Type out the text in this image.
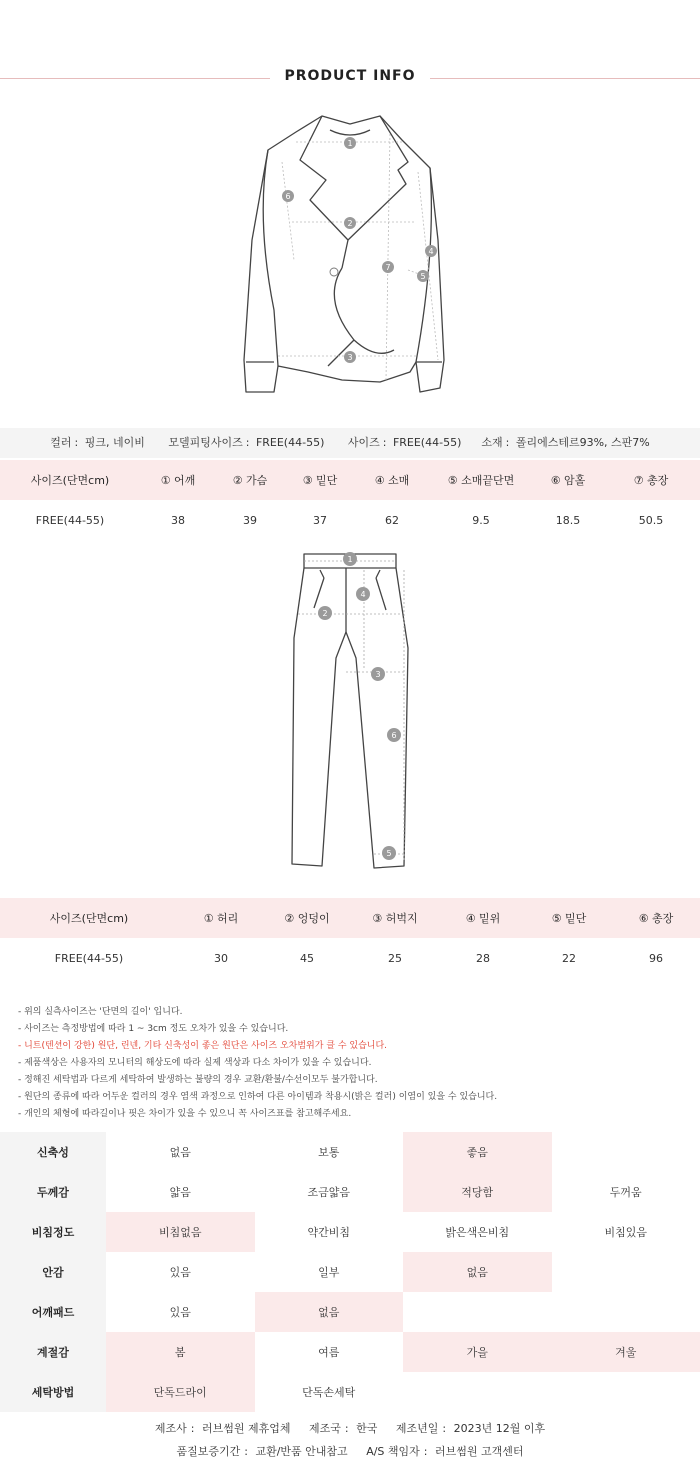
PRODUCT INFO
1
2
3
4
5
6
7
컬러 : 핑크, 네이비 모델피팅사이즈 : FREE(44-55) 사이즈 : FREE(44-55) 소재 : 폴리에스테르93%, 스판7%
사이즈(단면cm)	① 어깨	② 가슴	③ 밑단	④ 소매	⑤ 소매끝단면	⑥ 암홀	⑦ 총장
FREE(44-55)	38	39	37	62	9.5	18.5	50.5
1
2
3
4
5
6
사이즈(단면cm)	① 허리	② 엉덩이	③ 허벅지	④ 밑위	⑤ 밑단	⑥ 총장
FREE(44-55)	30	45	25	28	22	96
- 위의 실측사이즈는 '단면의 길이' 입니다.
- 사이즈는 측정방법에 따라 1 ~ 3cm 정도 오차가 있을 수 있습니다.
- 니트(텐션이 강한) 원단, 린넨, 기타 신축성이 좋은 원단은 사이즈 오차범위가 클 수 있습니다.
- 제품색상은 사용자의 모니터의 해상도에 따라 실제 색상과 다소 차이가 있을 수 있습니다.
- 정해진 세탁법과 다르게 세탁하여 발생하는 불량의 경우 교환/환불/수선이모두 불가합니다.
- 원단의 종류에 따라 어두운 컬러의 경우 염색 과정으로 인하여 다른 아이템과 착용시(밝은 컬러) 이염이 있을 수 있습니다.
- 개인의 체형에 따라길이나 핏은 차이가 있을 수 있으니 꼭 사이즈표를 참고해주세요.
신축성	없음	보통	좋음	
두께감	얇음	조금얇음	적당함	두꺼움
비침정도	비침없음	약간비침	밝은색은비침	비침있음
안감	있음	일부	없음	
어깨패드	있음	없음		
계절감	봄	여름	가을	겨울
세탁방법	단독드라이	단독손세탁		
제조사 : 러브썸원 제휴업체 제조국 : 한국 제조년일 : 2023년 12월 이후
품질보증기간 : 교환/반품 안내참고 A/S 책임자 : 러브썸원 고객센터
